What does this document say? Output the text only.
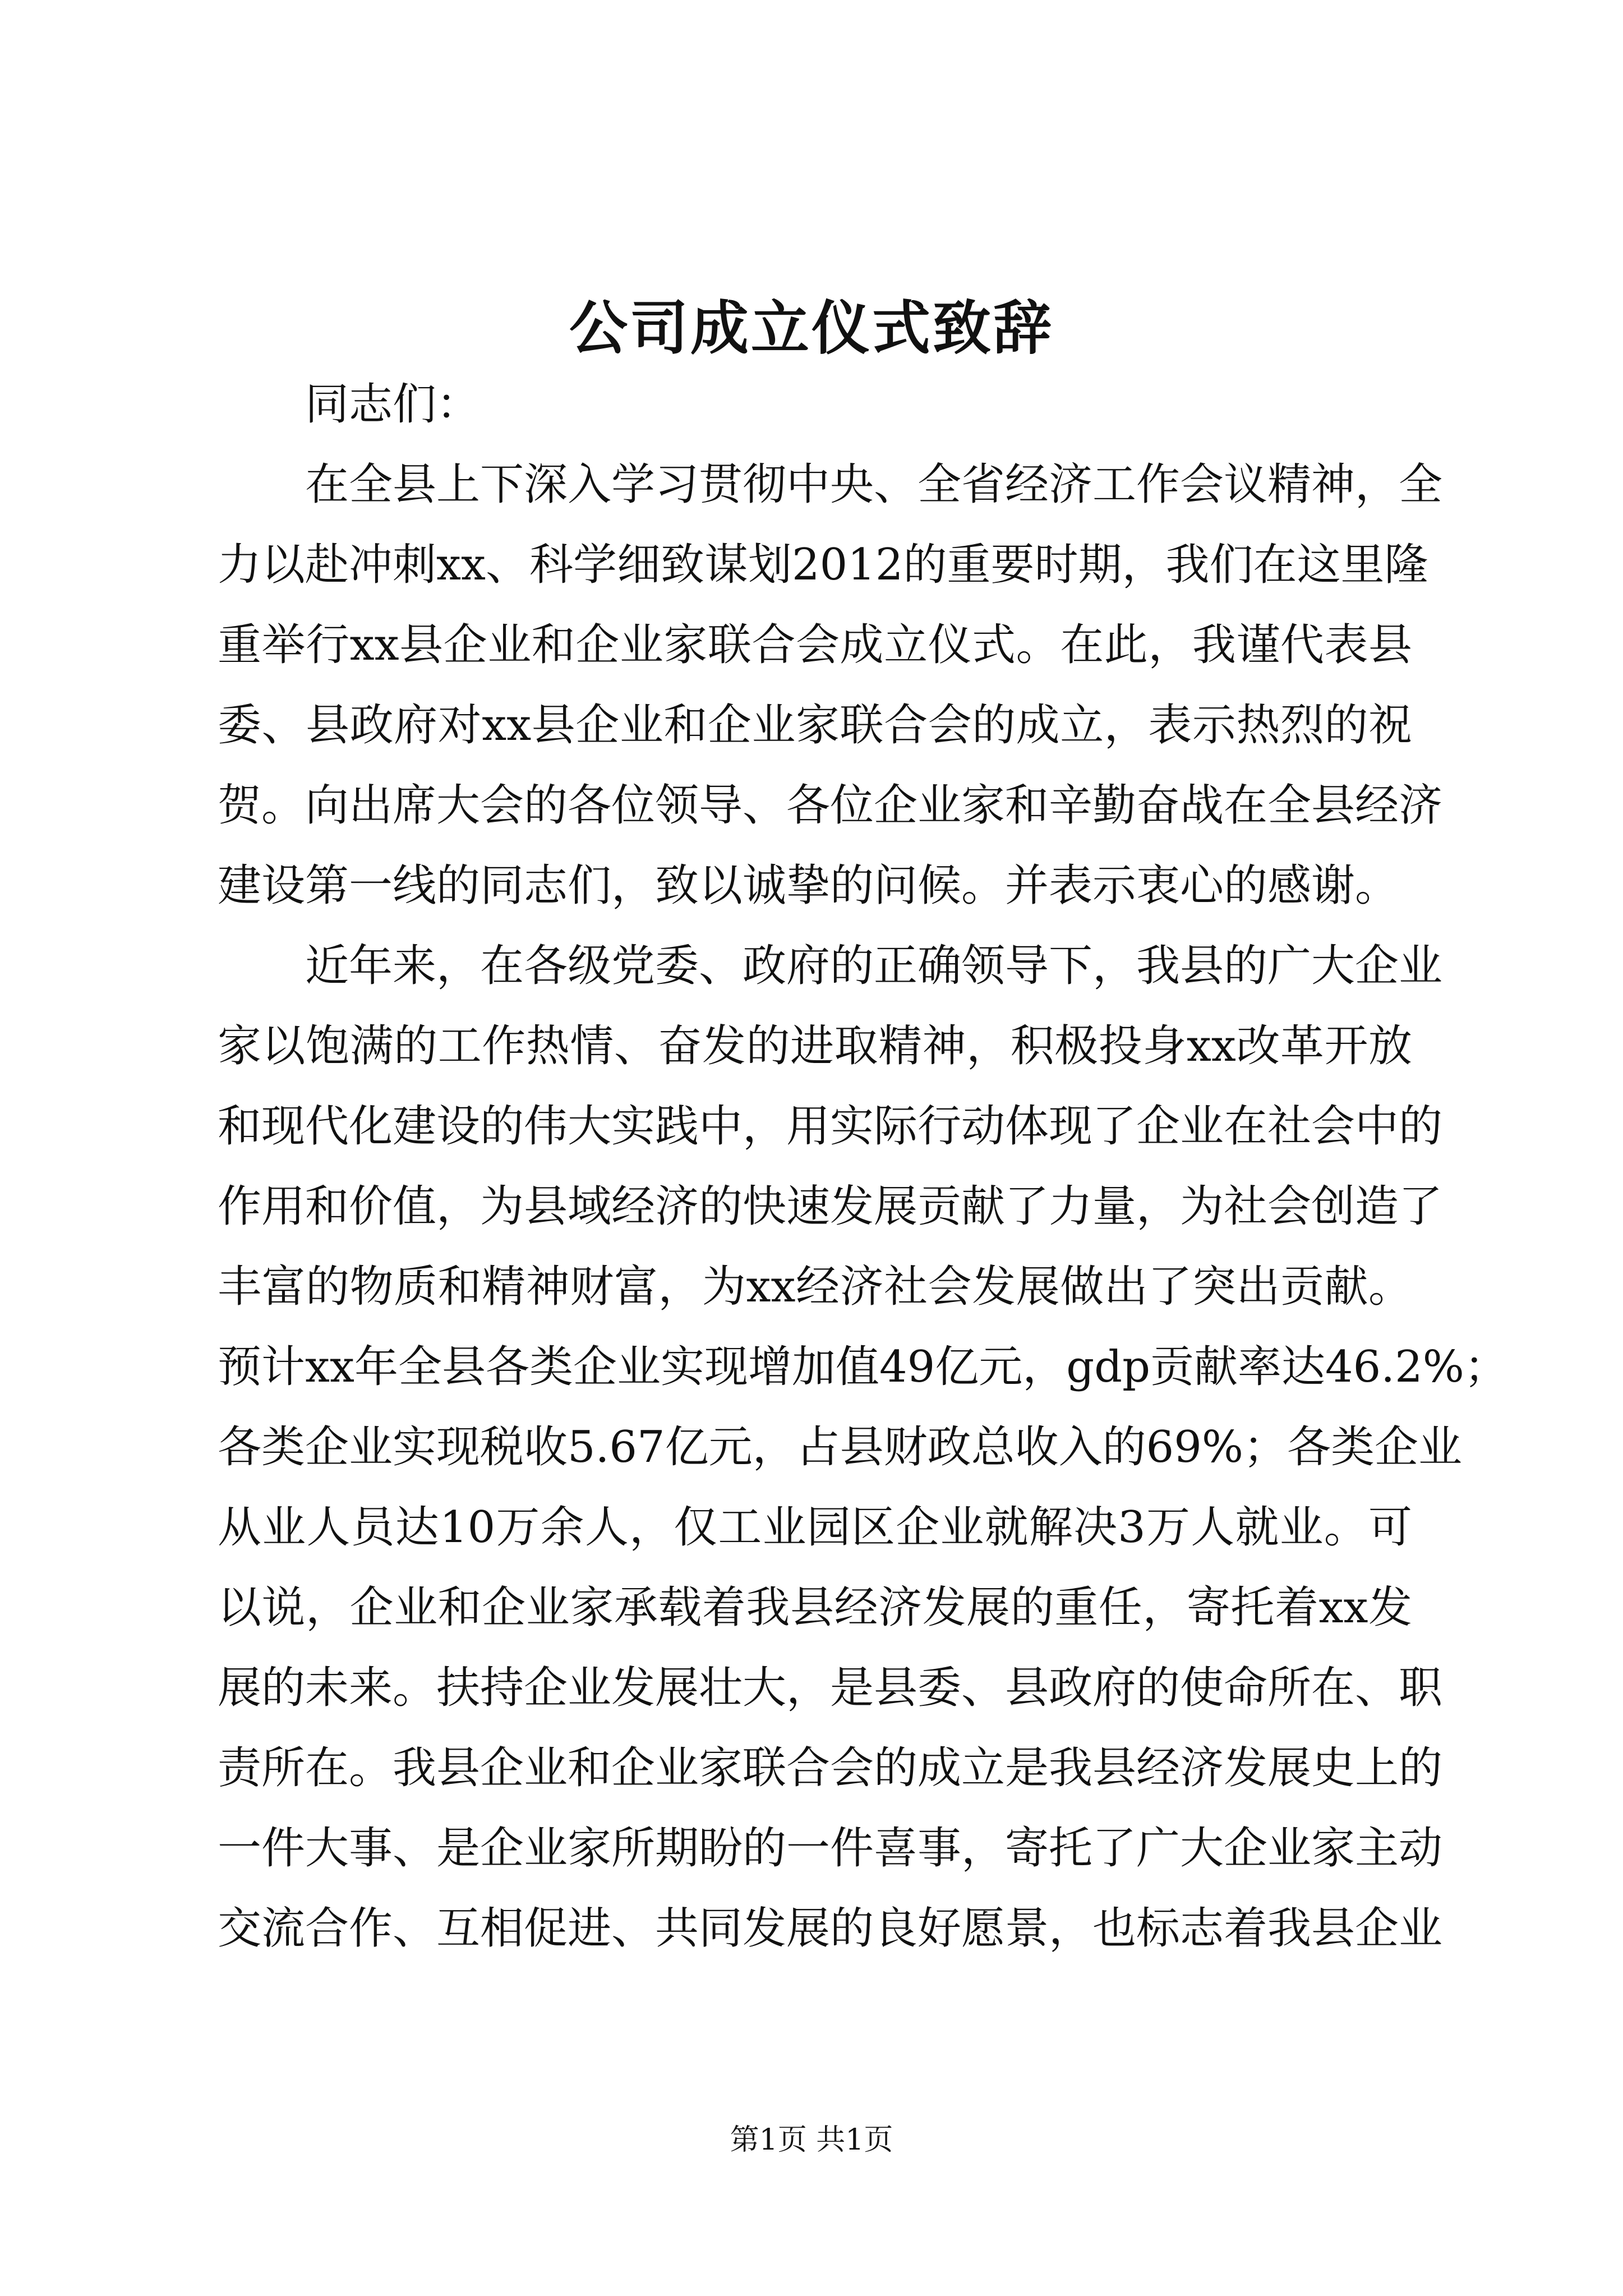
公司成立仪式致辞
同志们：
在全县上下深入学习贯彻中央、全省经济工作会议精神，全
力以赴冲刺xx、科学细致谋划2012的重要时期，我们在这里隆
重举行xx县企业和企业家联合会成立仪式。在此，我谨代表县
委、县政府对xx县企业和企业家联合会的成立，表示热烈的祝
贺。向出席大会的各位领导、各位企业家和辛勤奋战在全县经济
建设第一线的同志们，致以诚挚的问候。并表示衷心的感谢。
近年来，在各级党委、政府的正确领导下，我县的广大企业
家以饱满的工作热情、奋发的进取精神，积极投身xx改革开放
和现代化建设的伟大实践中，用实际行动体现了企业在社会中的
作用和价值，为县域经济的快速发展贡献了力量，为社会创造了
丰富的物质和精神财富，为xx经济社会发展做出了突出贡献。
预计xx年全县各类企业实现增加值49亿元，gdp贡献率达46.2%；
各类企业实现税收5.67亿元，占县财政总收入的69%；各类企业
从业人员达10万余人，仅工业园区企业就解决3万人就业。可
以说，企业和企业家承载着我县经济发展的重任，寄托着xx发
展的未来。扶持企业发展壮大，是县委、县政府的使命所在、职
责所在。我县企业和企业家联合会的成立是我县经济发展史上的
一件大事、是企业家所期盼的一件喜事，寄托了广大企业家主动
交流合作、互相促进、共同发展的良好愿景，也标志着我县企业
第1页 共1页
